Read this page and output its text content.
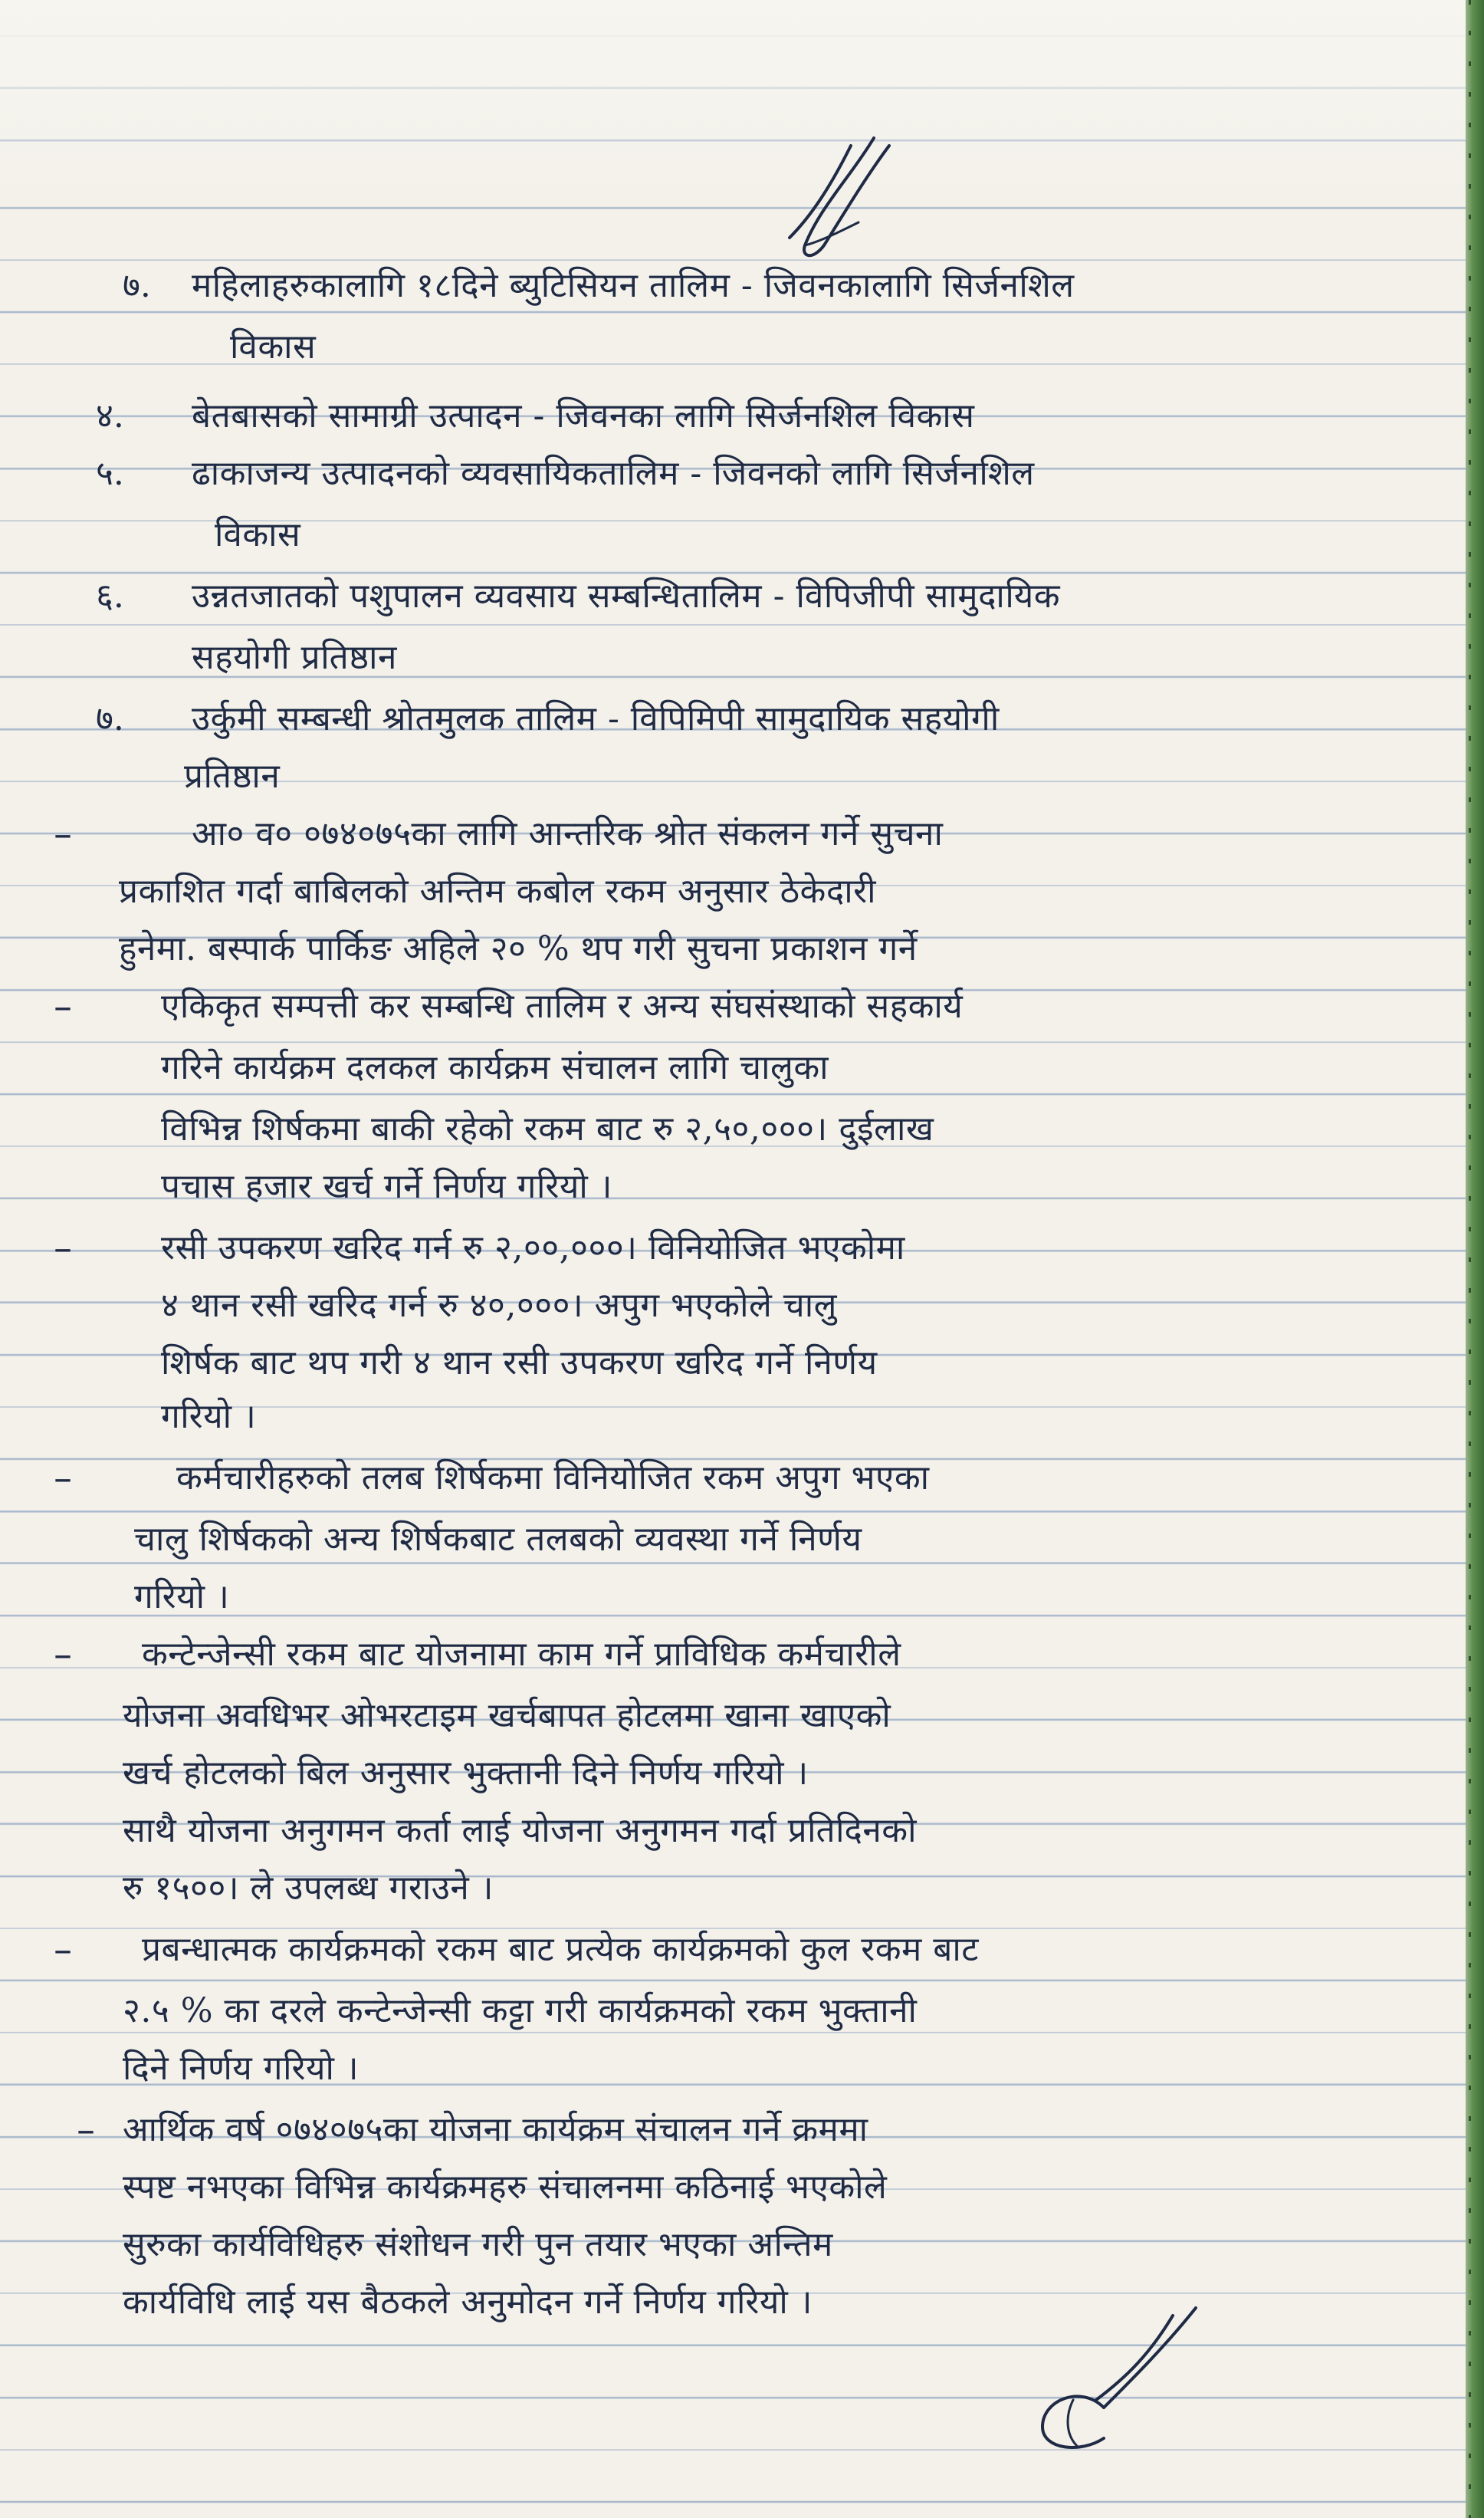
७. महिलाहरुकालागि १८दिने ब्युटिसियन तालिम - जिवनकालागि सिर्जनशिल
विकास
४. बेतबासको सामाग्री उत्पादन - जिवनका लागि सिर्जनशिल विकास
५. ढाकाजन्य उत्पादनको व्यवसायिकतालिम - जिवनको लागि सिर्जनशिल
विकास
६. उन्नतजातको पशुपालन व्यवसाय सम्बन्धितालिम - विपिजीपी सामुदायिक
सहयोगी प्रतिष्ठान
७. उर्कुमी सम्बन्धी श्रोतमुलक तालिम - विपिमिपी सामुदायिक सहयोगी
प्रतिष्ठान
–	आ० व० ०७४०७५का लागि आन्तरिक श्रोत संकलन गर्ने सुचना
प्रकाशित गर्दा बाबिलको अन्तिम कबोल रकम अनुसार ठेकेदारी
हुनेमा. बस्पार्क पार्किङ अहिले २० % थप गरी सुचना प्रकाशन गर्ने
–	एकिकृत सम्पत्ती कर सम्बन्धि तालिम र अन्य संघसंस्थाको सहकार्य
गरिने कार्यक्रम दलकल कार्यक्रम संचालन लागि चालुका
विभिन्न शिर्षकमा बाकी रहेको रकम बाट रु २,५०,०००। दुईलाख
पचास हजार खर्च गर्ने निर्णय गरियो ।
–	रसी उपकरण खरिद गर्न रु २,००,०००। विनियोजित भएकोमा
४ थान रसी खरिद गर्न रु ४०,०००। अपुग भएकोले चालु
शिर्षक बाट थप गरी ४ थान रसी उपकरण खरिद गर्ने निर्णय
गरियो ।
–	कर्मचारीहरुको तलब शिर्षकमा विनियोजित रकम अपुग भएका
चालु शिर्षकको अन्य शिर्षकबाट तलबको व्यवस्था गर्ने निर्णय
गरियो ।
– कन्टेन्जेन्सी रकम बाट योजनामा काम गर्ने प्राविधिक कर्मचारीले
योजना अवधिभर ओभरटाइम खर्चबापत होटलमा खाना खाएको
खर्च होटलको बिल अनुसार भुक्तानी दिने निर्णय गरियो ।
साथै योजना अनुगमन कर्ता लाई योजना अनुगमन गर्दा प्रतिदिनको
रु १५००। ले उपलब्ध गराउने ।
– प्रबन्धात्मक कार्यक्रमको रकम बाट प्रत्येक कार्यक्रमको कुल रकम बाट
२.५ % का दरले कन्टेन्जेन्सी कट्टा गरी कार्यक्रमको रकम भुक्तानी
दिने निर्णय गरियो ।
– आर्थिक वर्ष ०७४०७५का योजना कार्यक्रम संचालन गर्ने क्रममा
स्पष्ट नभएका विभिन्न कार्यक्रमहरु संचालनमा कठिनाई भएकोले
सुरुका कार्यविधिहरु संशोधन गरी पुन तयार भएका अन्तिम
कार्यविधि लाई यस बैठकले अनुमोदन गर्ने निर्णय गरियो ।
